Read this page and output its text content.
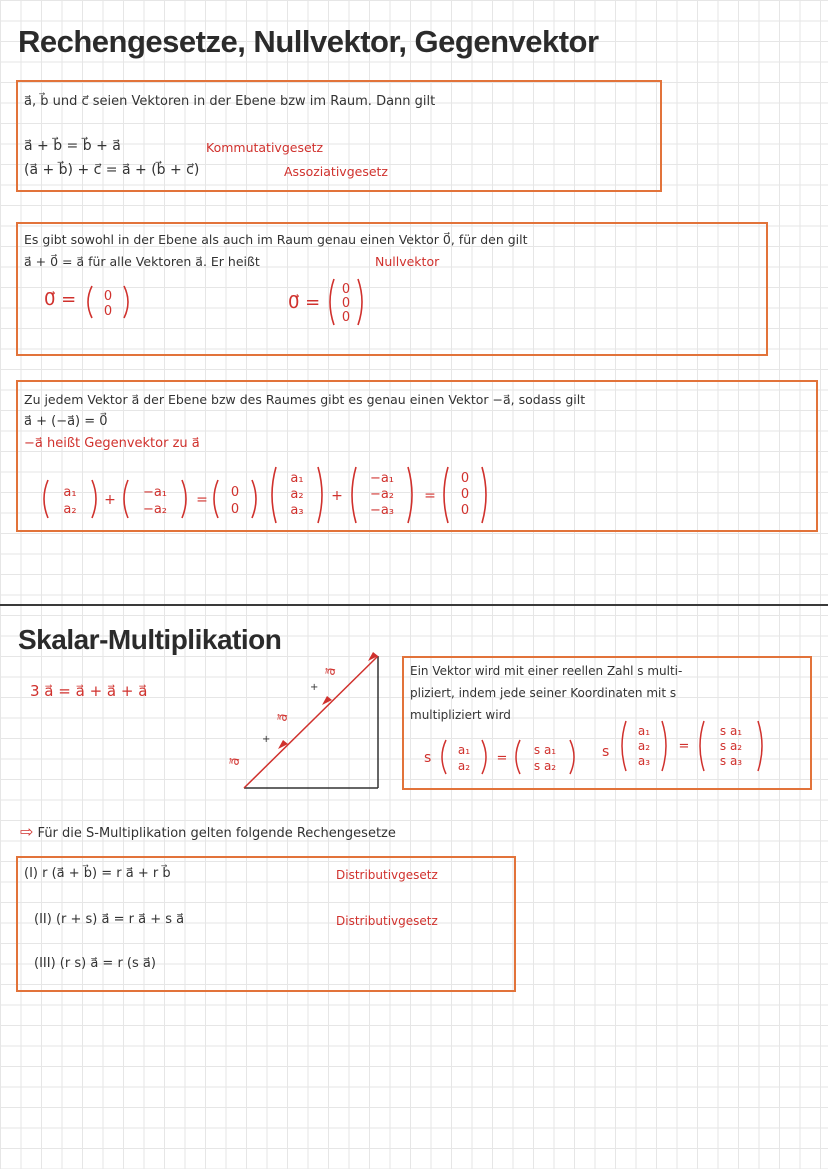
Rechengesetze, Nullvektor, Gegenvektor
a⃗, b⃗ und c⃗ seien Vektoren in der Ebene bzw im Raum. Dann gilt
a⃗ + b⃗ = b⃗ + a⃗	Kommutativgesetz
(a⃗ + b⃗) + c⃗ = a⃗ + (b⃗ + c⃗)	Assoziativgesetz
Es gibt sowohl in der Ebene als auch im Raum genau einen Vektor 0⃗, für den gilt
a⃗ + 0⃗ = a⃗ für alle Vektoren a⃗. Er heißt	Nullvektor
0⃗ = 0
0	0⃗ =
0
0
0
Zu jedem Vektor a⃗ der Ebene bzw des Raumes gibt es genau einen Vektor −a⃗, sodass gilt
a⃗ + (−a⃗) = 0⃗
−a⃗ heißt Gegenvektor zu a⃗
a₁
a₂
+ −a₁
−a₂
= 0
0
a₁
a₂
a₃
+
−a₁
−a₂
−a₃
=
0
0
0
Skalar-Multiplikation
3 a⃗ = a⃗ + a⃗ + a⃗
a⃗
a⃗
a⃗
+
+
Ein Vektor wird mit einer reellen Zahl s multi-
pliziert, indem jede seiner Koordinaten mit s
multipliziert wird
s a₁
a₂ =
s a₁
s a₂
s
a₁
a₂
a₃
=
s a₁
s a₂
s a₃
⇨ Für die S-Multiplikation gelten folgende Rechengesetze
(I) r (a⃗ + b⃗) = r a⃗ + r b⃗	Distributivgesetz
(II) (r + s) a⃗ = r a⃗ + s a⃗	Distributivgesetz
(III) (r s) a⃗ = r (s a⃗)
